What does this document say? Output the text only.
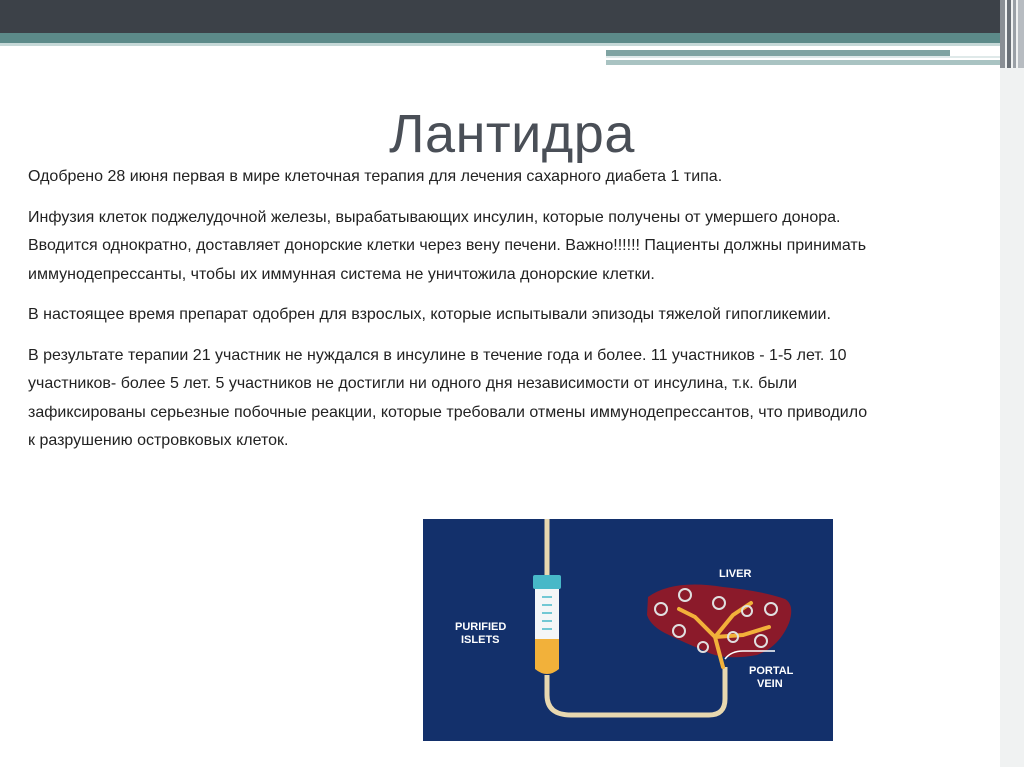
Лантидра

Одобрено 28 июня первая в мире клеточная терапия для лечения сахарного диабета 1 типа.

Инфузия клеток поджелудочной железы, вырабатывающих инсулин, которые получены от умершего донора. Вводится однократно, доставляет донорские клетки через вену печени. Важно!!!!!! Пациенты должны принимать иммунодепрессанты, чтобы их иммунная система не уничтожила донорские клетки.

В настоящее время препарат одобрен для взрослых, которые испытывали эпизоды тяжелой гипогликемии.

В результате терапии 21 участник не нуждался в инсулине в течение года и более. 11 участников - 1-5 лет. 10 участников- более 5 лет. 5 участников не достигли ни одного дня независимости от инсулина, т.к. были зафиксированы серьезные побочные реакции, которые требовали отмены иммунодепрессантов, что приводило к разрушению островковых клеток.

PURIFIED
ISLETS
LIVER
PORTAL
VEIN
